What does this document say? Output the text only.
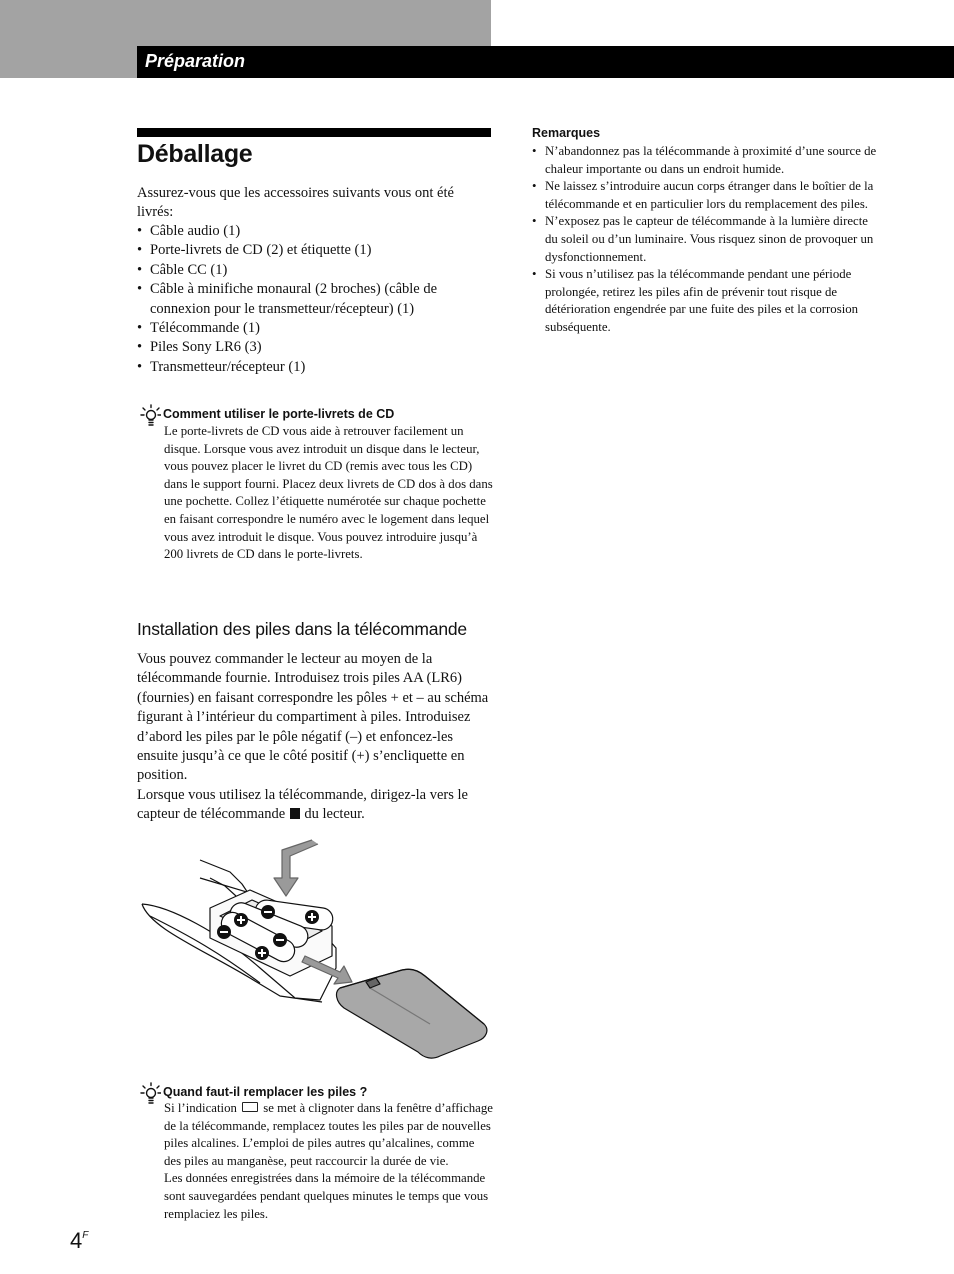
Préparation
Déballage
Assurez-vous que les accessoires suivants vous ont été livrés:
• Câble audio (1)
• Porte-livrets de CD (2) et étiquette (1)
• Câble CC (1)
• Câble à minifiche monaural (2 broches) (câble de connexion pour le transmetteur/récepteur) (1)
• Télécommande (1)
• Piles Sony LR6 (3)
• Transmetteur/récepteur (1)
Comment utiliser le porte-livrets de CD
Le porte-livrets de CD vous aide à retrouver facilement un disque. Lorsque vous avez introduit un disque dans le lecteur, vous pouvez placer le livret du CD (remis avec tous les CD) dans le support fourni. Placez deux livrets de CD dos à dos dans une pochette. Collez l’étiquette numérotée sur chaque pochette en faisant correspondre le numéro avec le logement dans lequel vous avez introduit le disque. Vous pouvez introduire jusqu’à 200 livrets de CD dans le porte-livrets.
Installation des piles dans la télécommande

Vous pouvez commander le lecteur au moyen de la télécommande fournie. Introduisez trois piles AA (LR6) (fournies) en faisant correspondre les pôles + et – au schéma figurant à l’intérieur du compartiment à piles. Introduisez d’abord les piles par le pôle négatif (–) et enfoncez-les ensuite jusqu’à ce que le côté positif (+) s’encliquette en position.

Lorsque vous utilisez la télécommande, dirigez-la vers le capteur de télécommande du lecteur.

Quand faut-il remplacer les piles ?
Si l’indication se met à clignoter dans la fenêtre d’affichage de la télécommande, remplacez toutes les piles par de nouvelles piles alcalines. L’emploi de piles autres qu’alcalines, comme des piles au manganèse, peut raccourcir la durée de vie.
Les données enregistrées dans la mémoire de la télécommande sont sauvegardées pendant quelques minutes le temps que vous remplaciez les piles.
Remarques
• N’abandonnez pas la télécommande à proximité d’une source de chaleur importante ou dans un endroit humide.
• Ne laissez s’introduire aucun corps étranger dans le boîtier de la télécommande et en particulier lors du remplacement des piles.
• N’exposez pas le capteur de télécommande à la lumière directe du soleil ou d’un luminaire. Vous risquez sinon de provoquer un dysfonctionnement.
• Si vous n’utilisez pas la télécommande pendant une période prolongée, retirez les piles afin de prévenir tout risque de détérioration engendrée par une fuite des piles et la corrosion subséquente.
$4^F$
